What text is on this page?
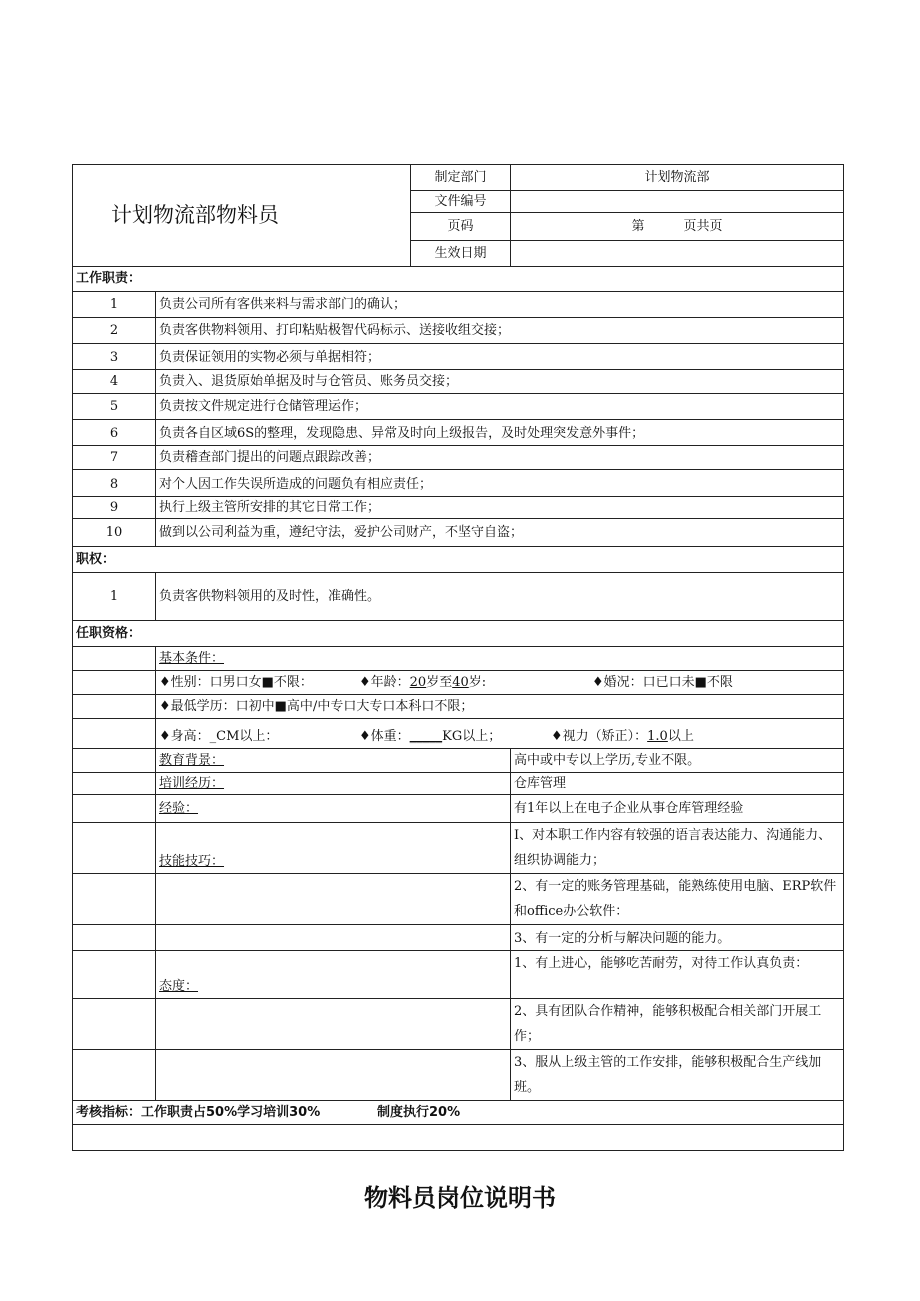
计划物流部物料员		制定部门	计划物流部
		文件编号	
		页码	第　　　页共页
		生效日期	
工作职责：			
1	负责公司所有客供来料与需求部门的确认；		
2	负责客供物料领用、打印粘贴极智代码标示、送接收组交接；		
3	负责保证领用的实物必须与单据相符；		
4	负责入、退货原始单据及时与仓管员、账务员交接；		
5	负责按文件规定进行仓储管理运作；		
6	负责各自区域6S的整理，发现隐患、异常及时向上级报告，及时处理突发意外事件；		
7	负责稽查部门提出的问题点跟踪改善；		
8	对个人因工作失误所造成的问题负有相应责任；		
9	执行上级主管所安排的其它日常工作；		
10	做到以公司利益为重，遵纪守法，爱护公司财产，不坚守自盗；		
职权：			
1	负责客供物料领用的及时性，准确性。		
任职资格：			
	基本条件：		
	♦性别：口男口女■不限： ♦年龄：20岁至40岁: ♦婚况：口已口未■不限		
	♦最低学历：口初中■高中/中专口大专口本科口不限；		
	♦身高：_CM以上： ♦体重：_____KG以上； ♦视力（矫正）：1.0以上		
	教育背景：		高中或中专以上学历,专业不限。
	培训经历：		仓库管理
	经验：		有1年以上在电子企业从事仓库管理经验
	技能技巧：		I、对本职工作内容有较强的语言表达能力、沟通能力、组织协调能力；
			2、有一定的账务管理基础，能熟练使用电脑、ERP软件和office办公软件：
			3、有一定的分析与解决问题的能力。
	态度：		1、有上进心，能够吃苦耐劳，对待工作认真负责：
			2、具有团队合作精神，能够积极配合相关部门开展工作；
			3、服从上级主管的工作安排，能够积极配合生产线加班。
考核指标：工作职责占50%学习培训30% 制度执行20%			

物料员岗位说明书
